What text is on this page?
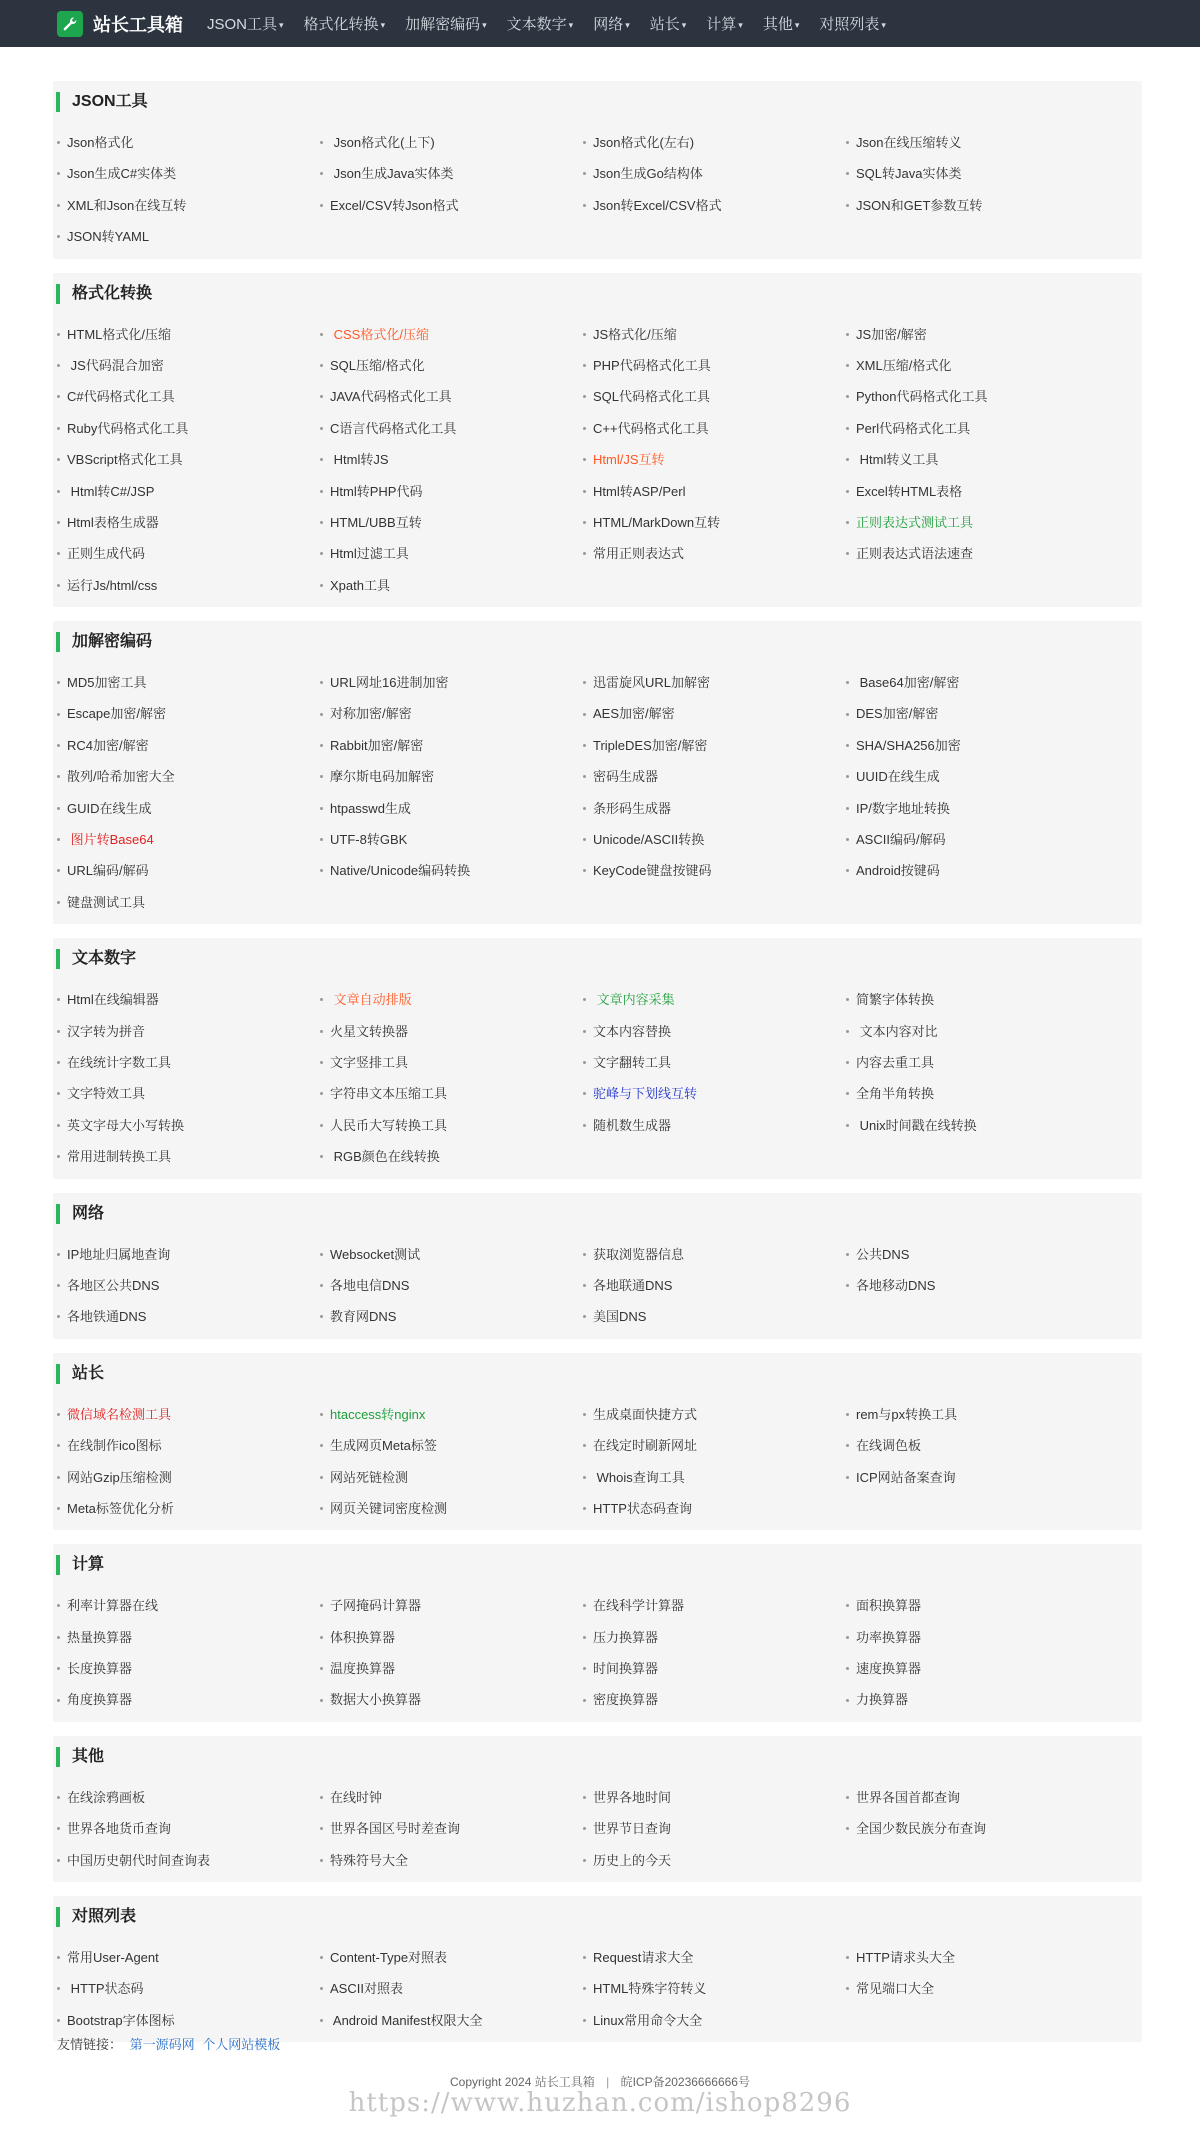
站长工具箱 JSON工具 ▾ 格式化转换 ▾ 加解密编码 ▾ 文本数字 ▾ 网络 ▾ 站长 ▾ 计算 ▾ 其他 ▾ 对照列表 ▾
JSON工具
Json格式化	Json格式化(上下)	Json格式化(左右)	Json在线压缩转义
Json生成C#实体类	Json生成Java实体类	Json生成Go结构体	SQL转Java实体类
XML和Json在线互转	Excel/CSV转Json格式	Json转Excel/CSV格式	JSON和GET参数互转
JSON转YAML
格式化转换
HTML格式化/压缩	CSS格式化/压缩	JS格式化/压缩	JS加密/解密
JS代码混合加密	SQL压缩/格式化	PHP代码格式化工具	XML压缩/格式化
C#代码格式化工具	JAVA代码格式化工具	SQL代码格式化工具	Python代码格式化工具
Ruby代码格式化工具	C语言代码格式化工具	C++代码格式化工具	Perl代码格式化工具
VBScript格式化工具	Html转JS	Html/JS互转	Html转义工具
Html转C#/JSP	Html转PHP代码	Html转ASP/Perl	Excel转HTML表格
Html表格生成器	HTML/UBB互转	HTML/MarkDown互转	正则表达式测试工具
正则生成代码	Html过滤工具	常用正则表达式	正则表达式语法速查
运行Js/html/css	Xpath工具
加解密编码
MD5加密工具	URL网址16进制加密	迅雷旋风URL加解密	Base64加密/解密
Escape加密/解密	对称加密/解密	AES加密/解密	DES加密/解密
RC4加密/解密	Rabbit加密/解密	TripleDES加密/解密	SHA/SHA256加密
散列/哈希加密大全	摩尔斯电码加解密	密码生成器	UUID在线生成
GUID在线生成	htpasswd生成	条形码生成器	IP/数字地址转换
图片转Base64	UTF-8转GBK	Unicode/ASCII转换	ASCII编码/解码
URL编码/解码	Native/Unicode编码转换	KeyCode键盘按键码	Android按键码
键盘测试工具
文本数字
Html在线编辑器	文章自动排版	文章内容采集	简繁字体转换
汉字转为拼音	火星文转换器	文本内容替换	文本内容对比
在线统计字数工具	文字竖排工具	文字翻转工具	内容去重工具
文字特效工具	字符串文本压缩工具	驼峰与下划线互转	全角半角转换
英文字母大小写转换	人民币大写转换工具	随机数生成器	Unix时间戳在线转换
常用进制转换工具	RGB颜色在线转换
网络
IP地址归属地查询	Websocket测试	获取浏览器信息	公共DNS
各地区公共DNS	各地电信DNS	各地联通DNS	各地移动DNS
各地铁通DNS	教育网DNS	美国DNS
站长
微信域名检测工具	htaccess转nginx	生成桌面快捷方式	rem与px转换工具
在线制作ico图标	生成网页Meta标签	在线定时刷新网址	在线调色板
网站Gzip压缩检测	网站死链检测	Whois查询工具	ICP网站备案查询
Meta标签优化分析	网页关键词密度检测	HTTP状态码查询
计算
利率计算器在线	子网掩码计算器	在线科学计算器	面积换算器
热量换算器	体积换算器	压力换算器	功率换算器
长度换算器	温度换算器	时间换算器	速度换算器
角度换算器	数据大小换算器	密度换算器	力换算器
其他
在线涂鸦画板	在线时钟	世界各地时间	世界各国首都查询
世界各地货币查询	世界各国区号时差查询	世界节日查询	全国少数民族分布查询
中国历史朝代时间查询表	特殊符号大全	历史上的今天
对照列表
常用User-Agent	Content-Type对照表	Request请求大全	HTTP请求头大全
HTTP状态码	ASCII对照表	HTML特殊字符转义	常见端口大全
Bootstrap字体图标	Android Manifest权限大全	Linux常用命令大全
友情链接： 第一源码网 个人网站模板
Copyright 2024 站长工具箱 | 皖ICP备20236666666号
https://www.huzhan.com/ishop8296
